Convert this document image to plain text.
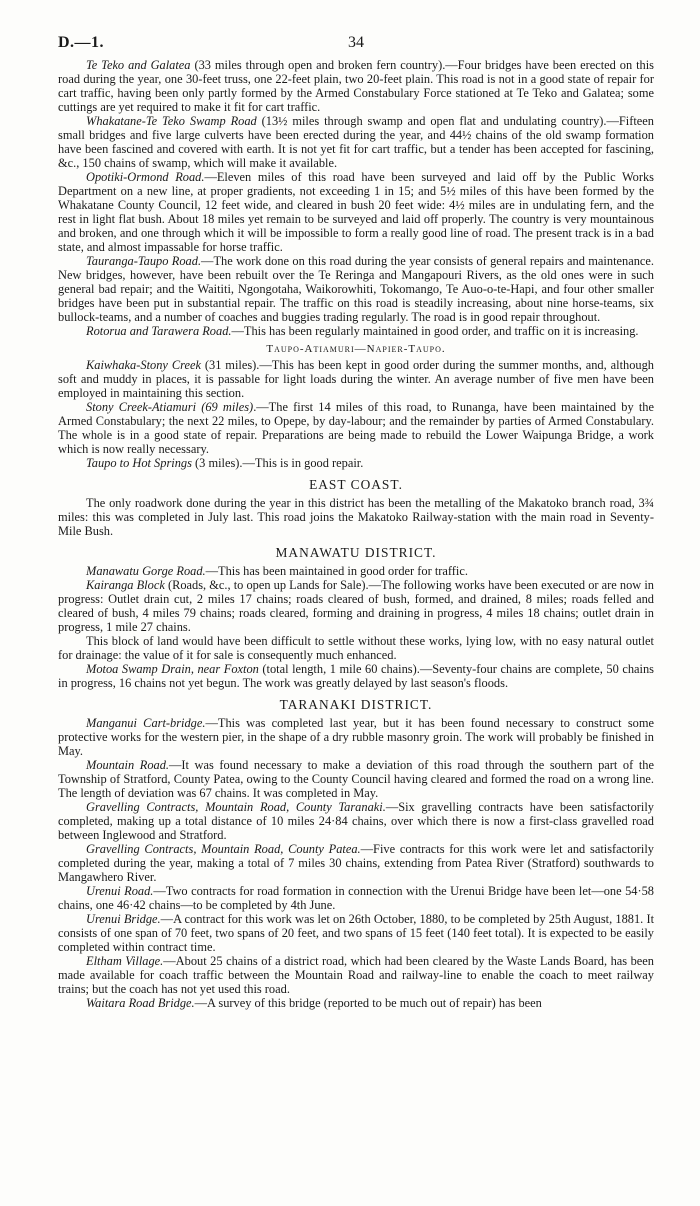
D.—1.	34

Te Teko and Galatea (33 miles through open and broken fern country).—Four bridges have been erected on this road during the year, one 30-feet truss, one 22-feet plain, two 20-feet plain. This road is not in a good state of repair for cart traffic, having been only partly formed by the Armed Constabulary Force stationed at Te Teko and Galatea; some cuttings are yet required to make it fit for cart traffic.

Whakatane-Te Teko Swamp Road (13½ miles through swamp and open flat and undulating country).—Fifteen small bridges and five large culverts have been erected during the year, and 44½ chains of the old swamp formation have been fascined and covered with earth. It is not yet fit for cart traffic, but a tender has been accepted for fascining, &c., 150 chains of swamp, which will make it available.

Opotiki-Ormond Road.—Eleven miles of this road have been surveyed and laid off by the Public Works Department on a new line, at proper gradients, not exceeding 1 in 15; and 5½ miles of this have been formed by the Whakatane County Council, 12 feet wide, and cleared in bush 20 feet wide: 4½ miles are in undulating fern, and the rest in light flat bush. About 18 miles yet remain to be surveyed and laid off properly. The country is very mountainous and broken, and one through which it will be impossible to form a really good line of road. The present track is in a bad state, and almost impassable for horse traffic.

Tauranga-Taupo Road.—The work done on this road during the year consists of general repairs and maintenance. New bridges, however, have been rebuilt over the Te Reringa and Mangapouri Rivers, as the old ones were in such general bad repair; and the Waititi, Ngongotaha, Waikorowhiti, Tokomango, Te Auo-o-te-Hapi, and four other smaller bridges have been put in substantial repair. The traffic on this road is steadily increasing, about nine horse-teams, six bullock-teams, and a number of coaches and buggies trading regularly. The road is in good repair throughout.

Rotorua and Tarawera Road.—This has been regularly maintained in good order, and traffic on it is increasing.

Taupo-Atiamuri—Napier-Taupo.

Kaiwhaka-Stony Creek (31 miles).—This has been kept in good order during the summer months, and, although soft and muddy in places, it is passable for light loads during the winter. An average number of five men have been employed in maintaining this section.

Stony Creek-Atiamuri (69 miles).—The first 14 miles of this road, to Runanga, have been maintained by the Armed Constabulary; the next 22 miles, to Opepe, by day-labour; and the remainder by parties of Armed Constabulary. The whole is in a good state of repair. Preparations are being made to rebuild the Lower Waipunga Bridge, a work which is now really necessary.

Taupo to Hot Springs (3 miles).—This is in good repair.

EAST COAST.

The only roadwork done during the year in this district has been the metalling of the Makatoko branch road, 3¾ miles: this was completed in July last. This road joins the Makatoko Railway-station with the main road in Seventy-Mile Bush.

MANAWATU DISTRICT.

Manawatu Gorge Road.—This has been maintained in good order for traffic.

Kairanga Block (Roads, &c., to open up Lands for Sale).—The following works have been executed or are now in progress: Outlet drain cut, 2 miles 17 chains; roads cleared of bush, formed, and drained, 8 miles; roads felled and cleared of bush, 4 miles 79 chains; roads cleared, forming and draining in progress, 4 miles 18 chains; outlet drain in progress, 1 mile 27 chains.

This block of land would have been difficult to settle without these works, lying low, with no easy natural outlet for drainage: the value of it for sale is consequently much enhanced.

Motoa Swamp Drain, near Foxton (total length, 1 mile 60 chains).—Seventy-four chains are complete, 50 chains in progress, 16 chains not yet begun. The work was greatly delayed by last season's floods.

TARANAKI DISTRICT.

Manganui Cart-bridge.—This was completed last year, but it has been found necessary to construct some protective works for the western pier, in the shape of a dry rubble masonry groin. The work will probably be finished in May.

Mountain Road.—It was found necessary to make a deviation of this road through the southern part of the Township of Stratford, County Patea, owing to the County Council having cleared and formed the road on a wrong line. The length of deviation was 67 chains. It was completed in May.

Gravelling Contracts, Mountain Road, County Taranaki.—Six gravelling contracts have been satisfactorily completed, making up a total distance of 10 miles 24·84 chains, over which there is now a first-class gravelled road between Inglewood and Stratford.

Gravelling Contracts, Mountain Road, County Patea.—Five contracts for this work were let and satisfactorily completed during the year, making a total of 7 miles 30 chains, extending from Patea River (Stratford) southwards to Mangawhero River.

Urenui Road.—Two contracts for road formation in connection with the Urenui Bridge have been let—one 54·58 chains, one 46·42 chains—to be completed by 4th June.

Urenui Bridge.—A contract for this work was let on 26th October, 1880, to be completed by 25th August, 1881. It consists of one span of 70 feet, two spans of 20 feet, and two spans of 15 feet (140 feet total). It is expected to be easily completed within contract time.

Eltham Village.—About 25 chains of a district road, which had been cleared by the Waste Lands Board, has been made available for coach traffic between the Mountain Road and railway-line to enable the coach to meet railway trains; but the coach has not yet used this road.

Waitara Road Bridge.—A survey of this bridge (reported to be much out of repair) has been
